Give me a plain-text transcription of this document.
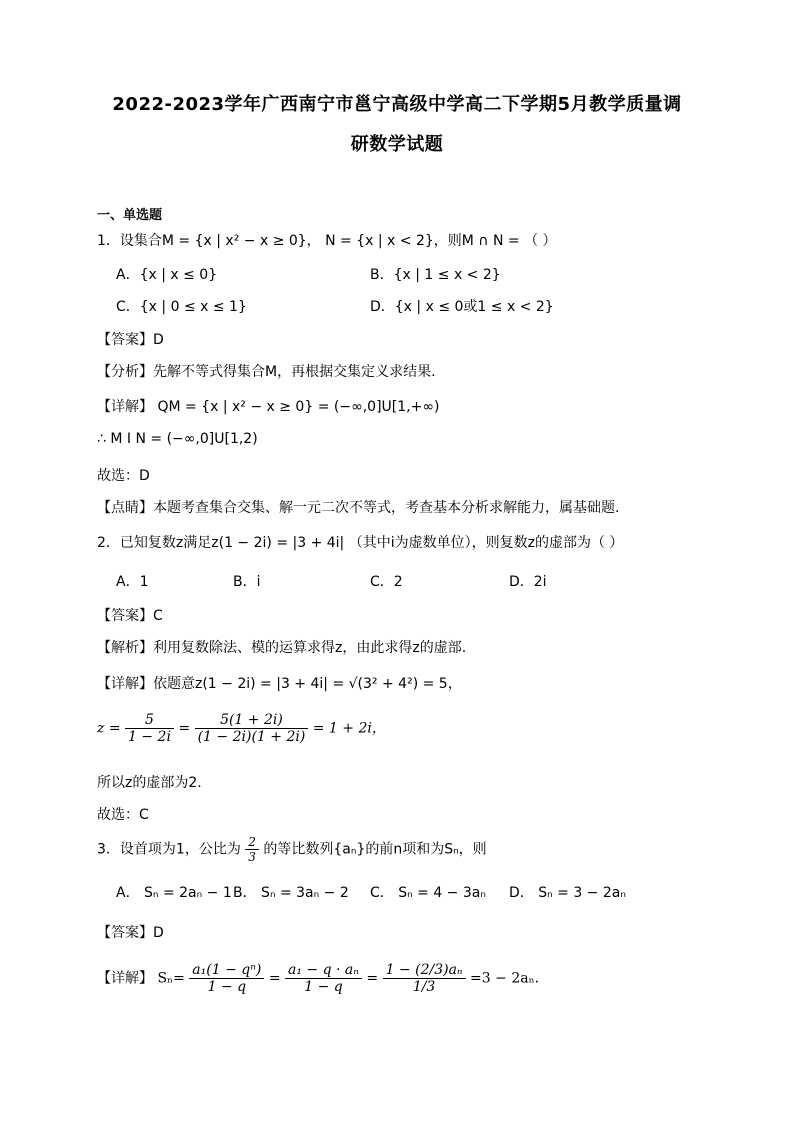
2022-2023学年广西南宁市邕宁高级中学高二下学期5月教学质量调
研数学试题
一、单选题
1．设集合M = {x | x² − x ≥ 0}， N = {x | x < 2}，则M ∩ N = （ ）
A．{x | x ≤ 0}	B．{x | 1 ≤ x < 2}
C．{x | 0 ≤ x ≤ 1}	D．{x | x ≤ 0或1 ≤ x < 2}
【答案】D
【分析】先解不等式得集合M，再根据交集定义求结果.
【详解】 QM = {x | x² − x ≥ 0} = (−∞,0]U[1,+∞)
∴ M I N = (−∞,0]U[1,2)
故选：D
【点睛】本题考查集合交集、解一元二次不等式，考查基本分析求解能力，属基础题.
2．已知复数z满足z(1 − 2i) = |3 + 4i| （其中i为虚数单位），则复数z的虚部为（ ）
A．1	B．i	C．2	D．2i
【答案】C
【解析】利用复数除法、模的运算求得z，由此求得z的虚部.
【详解】依题意z(1 − 2i) = |3 + 4i| = √(3² + 4²) = 5，
$z = \frac{5}{1 - 2i} = \frac{5(1 + 2i)}{(1 - 2i)(1 + 2i)} = 1 + 2i$，
所以z的虚部为2.
故选：C
3．设首项为1，公比为 $\frac{2}{3}$ 的等比数列{aₙ}的前n项和为Sₙ，则
A． Sₙ = 2aₙ − 1 B． Sₙ = 3aₙ − 2 C． Sₙ = 4 − 3aₙ D． Sₙ = 3 − 2aₙ
【答案】D
【详解】 $S_n= \frac{\text{a₁(1 − qⁿ)}}{1 - q} = \frac{\text{a₁ − q · aₙ}}{1 - q} = \frac{\text{1 − (2/3)aₙ}}{1/3} =3 - 2a_n$.
